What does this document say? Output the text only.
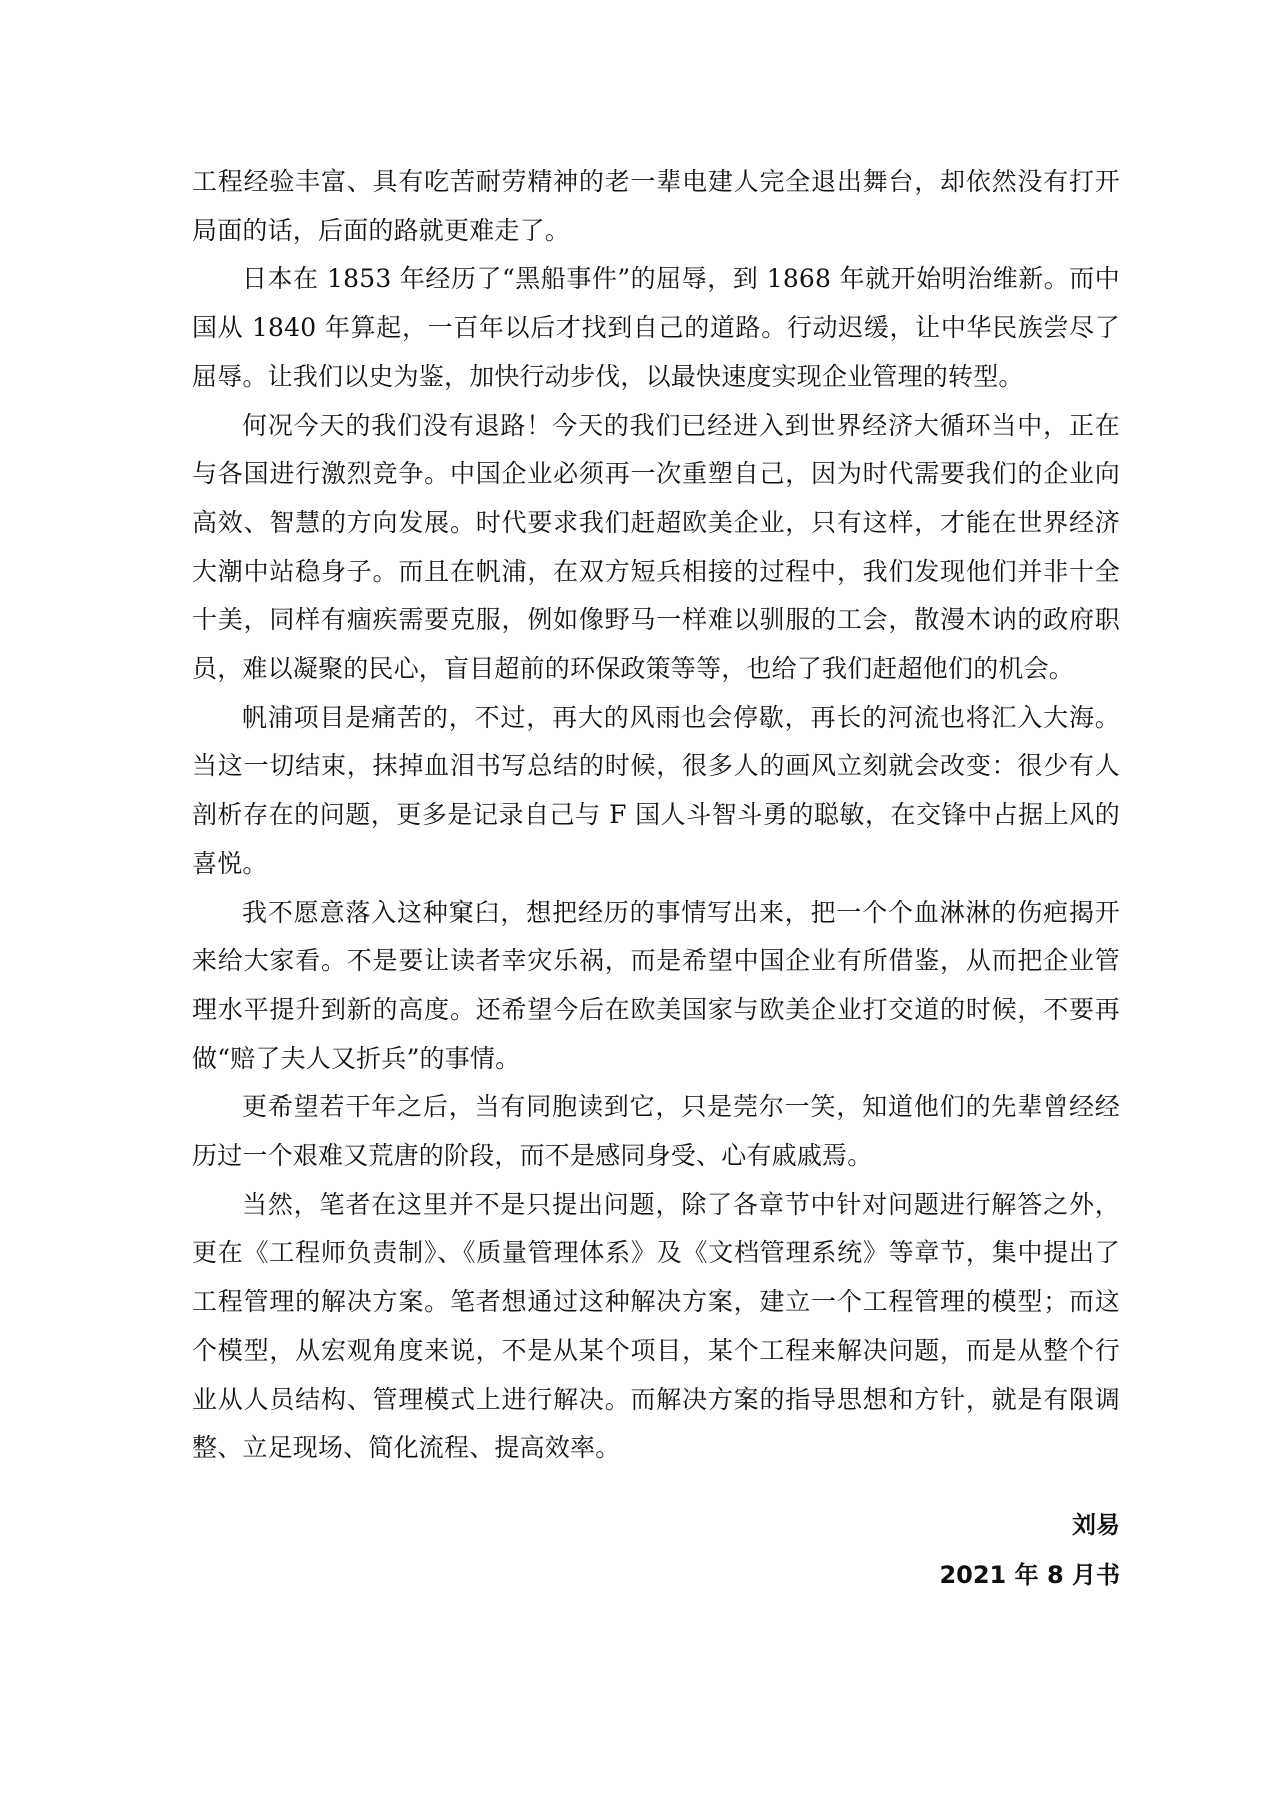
工程经验丰富、具有吃苦耐劳精神的老一辈电建人完全退出舞台，却依然没有打开局面的话，后面的路就更难走了。

日本在 1853 年经历了“黑船事件”的屈辱，到 1868 年就开始明治维新。而中国从 1840 年算起，一百年以后才找到自己的道路。行动迟缓，让中华民族尝尽了屈辱。让我们以史为鉴，加快行动步伐，以最快速度实现企业管理的转型。

何况今天的我们没有退路！今天的我们已经进入到世界经济大循环当中，正在与各国进行激烈竞争。中国企业必须再一次重塑自己，因为时代需要我们的企业向高效、智慧的方向发展。时代要求我们赶超欧美企业，只有这样，才能在世界经济大潮中站稳身子。而且在帆浦，在双方短兵相接的过程中，我们发现他们并非十全十美，同样有痼疾需要克服，例如像野马一样难以驯服的工会，散漫木讷的政府职员，难以凝聚的民心，盲目超前的环保政策等等，也给了我们赶超他们的机会。

帆浦项目是痛苦的，不过，再大的风雨也会停歇，再长的河流也将汇入大海。当这一切结束，抹掉血泪书写总结的时候，很多人的画风立刻就会改变：很少有人剖析存在的问题，更多是记录自己与 F 国人斗智斗勇的聪敏，在交锋中占据上风的喜悦。

我不愿意落入这种窠臼，想把经历的事情写出来，把一个个血淋淋的伤疤揭开来给大家看。不是要让读者幸灾乐祸，而是希望中国企业有所借鉴，从而把企业管理水平提升到新的高度。还希望今后在欧美国家与欧美企业打交道的时候，不要再做“赔了夫人又折兵”的事情。

更希望若干年之后，当有同胞读到它，只是莞尔一笑，知道他们的先辈曾经经历过一个艰难又荒唐的阶段，而不是感同身受、心有戚戚焉。

当然，笔者在这里并不是只提出问题，除了各章节中针对问题进行解答之外，更在《工程师负责制》、《质量管理体系》及《文档管理系统》等章节，集中提出了工程管理的解决方案。笔者想通过这种解决方案，建立一个工程管理的模型；而这个模型，从宏观角度来说，不是从某个项目，某个工程来解决问题，而是从整个行业从人员结构、管理模式上进行解决。而解决方案的指导思想和方针，就是有限调整、立足现场、简化流程、提高效率。

刘易
2021 年 8 月书
